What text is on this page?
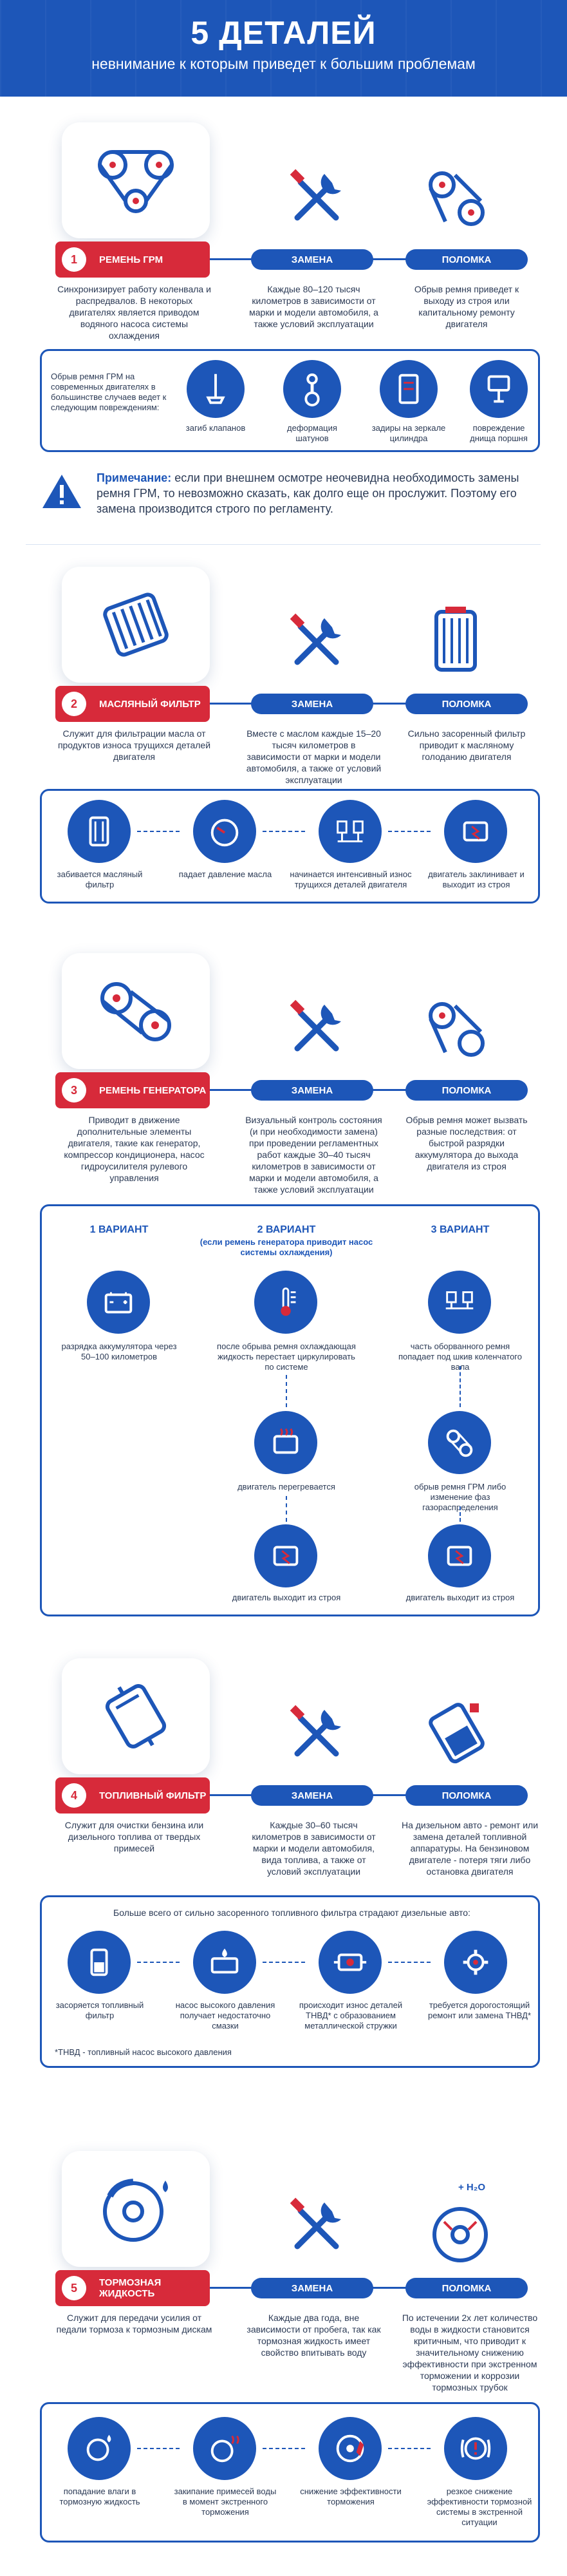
5 ДЕТАЛЕЙ

невнимание к которым приведет к большим проблемам

1	РЕМЕНЬ ГРМ	ЗАМЕНА	ПОЛОМКА
Синхронизирует работу коленвала и распредвалов. В некоторых двигателях является приводом водяного насоса системы охлаждения
Каждые 80–120 тысяч километров в зависимости от марки и модели автомобиля, а также условий эксплуатации
Обрыв ремня приведет к выходу из строя или капитальному ремонту двигателя
Обрыв ремня ГРМ на современных двигателях в большинстве случаев ведет к следующим повреждениям:
загиб клапанов	деформация шатунов
задиры на зеркале цилиндра
повреждение днища поршня
Примечание: если при внешнем осмотре неочевидна необходимость замены ремня ГРМ, то невозможно сказать, как долго еще он прослужит. Поэтому его замена производится строго по регламенту.
2	МАСЛЯНЫЙ ФИЛЬТР	ЗАМЕНА	ПОЛОМКА
Служит для фильтрации масла от продуктов износа трущихся деталей двигателя
Вместе с маслом каждые 15–20 тысяч километров в зависимости от марки и модели автомобиля, а также от условий эксплуатации
Сильно засоренный фильтр приводит к масляному голоданию двигателя
забивается масляный фильтр
падает давление масла	начинается интенсивный износ трущихся деталей двигателя
двигатель заклинивает и выходит из строя
3	РЕМЕНЬ ГЕНЕРАТОРА	ЗАМЕНА	ПОЛОМКА
Приводит в движение дополнительные элементы двигателя, такие как генератор, компрессор кондиционера, насос гидроусилителя рулевого управления
Визуальный контроль состояния (и при необходимости замена) при проведении регламентных работ каждые 30–40 тысяч километров в зависимости от марки и модели автомобиля, а также условий эксплуатации
Обрыв ремня может вызвать разные последствия: от быстрой разрядки аккумулятора до выхода двигателя из строя
1 ВАРИАНТ	2 ВАРИАНТ
(если ремень генератора приводит насос системы охлаждения)
3 ВАРИАНТ
разрядка аккумулятора через 50–100 километров
после обрыва ремня охлаждающая жидкость перестает циркулировать по системе
двигатель перегревается
двигатель выходит из строя
часть оборванного ремня попадает под шкив коленчатого вала
обрыв ремня ГРМ либо изменение фаз газораспределения
двигатель выходит из строя
4	ТОПЛИВНЫЙ ФИЛЬТР	ЗАМЕНА	ПОЛОМКА
Служит для очистки бензина или дизельного топлива от твердых примесей
Каждые 30–60 тысяч километров в зависимости от марки и модели автомобиля, вида топлива, а также от условий эксплуатации
На дизельном авто - ремонт или замена деталей топливной аппаратуры. На бензиновом двигателе - потеря тяги либо остановка двигателя
Больше всего от сильно засоренного топливного фильтра страдают дизельные авто:
засоряется топливный фильтр
насос высокого давления получает недостаточно смазки
происходит износ деталей ТНВД* с образованием металлической стружки
требуется дорогостоящий ремонт или замена ТНВД*
*ТНВД - топливный насос высокого давления
+ H₂O
5	ТОРМОЗНАЯ ЖИДКОСТЬ	ЗАМЕНА	ПОЛОМКА
Служит для передачи усилия от педали тормоза к тормозным дискам
Каждые два года, вне зависимости от пробега, так как тормозная жидкость имеет свойство впитывать воду
По истечении 2х лет количество воды в жидкости становится критичным, что приводит к значительному снижению эффективности при экстренном торможении и коррозии тормозных трубок
попадание влаги в тормозную жидкость
закипание примесей воды в момент экстренного торможения
снижение эффективности торможения
резкое снижение эффективности тормозной системы в экстренной ситуации
